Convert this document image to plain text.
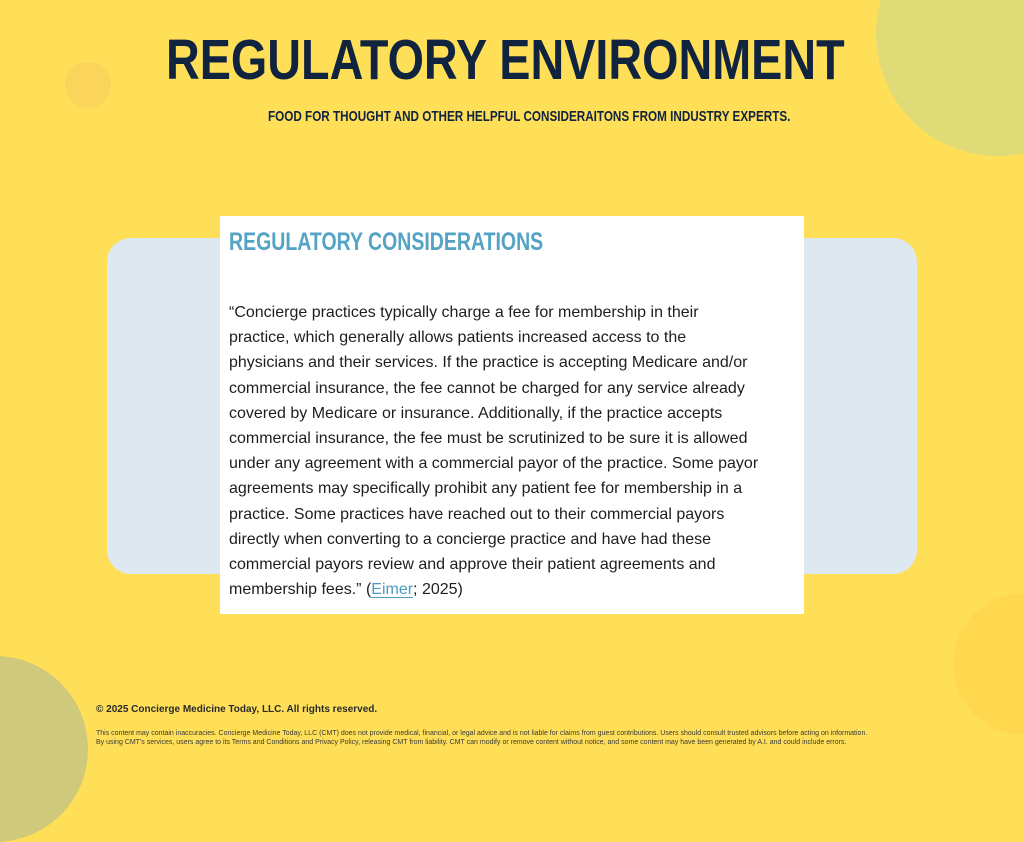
REGULATORY ENVIRONMENT

FOOD FOR THOUGHT AND OTHER HELPFUL CONSIDERAITONS FROM INDUSTRY EXPERTS.

REGULATORY CONSIDERATIONS

“Concierge practices typically charge a fee for membership in their
practice, which generally allows patients increased access to the
physicians and their services. If the practice is accepting Medicare and/or
commercial insurance, the fee cannot be charged for any service already
covered by Medicare or insurance. Additionally, if the practice accepts
commercial insurance, the fee must be scrutinized to be sure it is allowed
under any agreement with a commercial payor of the practice. Some payor
agreements may specifically prohibit any patient fee for membership in a
practice. Some practices have reached out to their commercial payors
directly when converting to a concierge practice and have had these
commercial payors review and approve their patient agreements and
membership fees.” (Eimer; 2025)

© 2025 Concierge Medicine Today, LLC. All rights reserved.

This content may contain inaccuracies. Concierge Medicine Today, LLC (CMT) does not provide medical, financial, or legal advice and is not liable for claims from guest contributions. Users should consult trusted advisors before acting on information.
By using CMT's services, users agree to its Terms and Conditions and Privacy Policy, releasing CMT from liability. CMT can modify or remove content without notice, and some content may have been generated by A.I. and could include errors.
